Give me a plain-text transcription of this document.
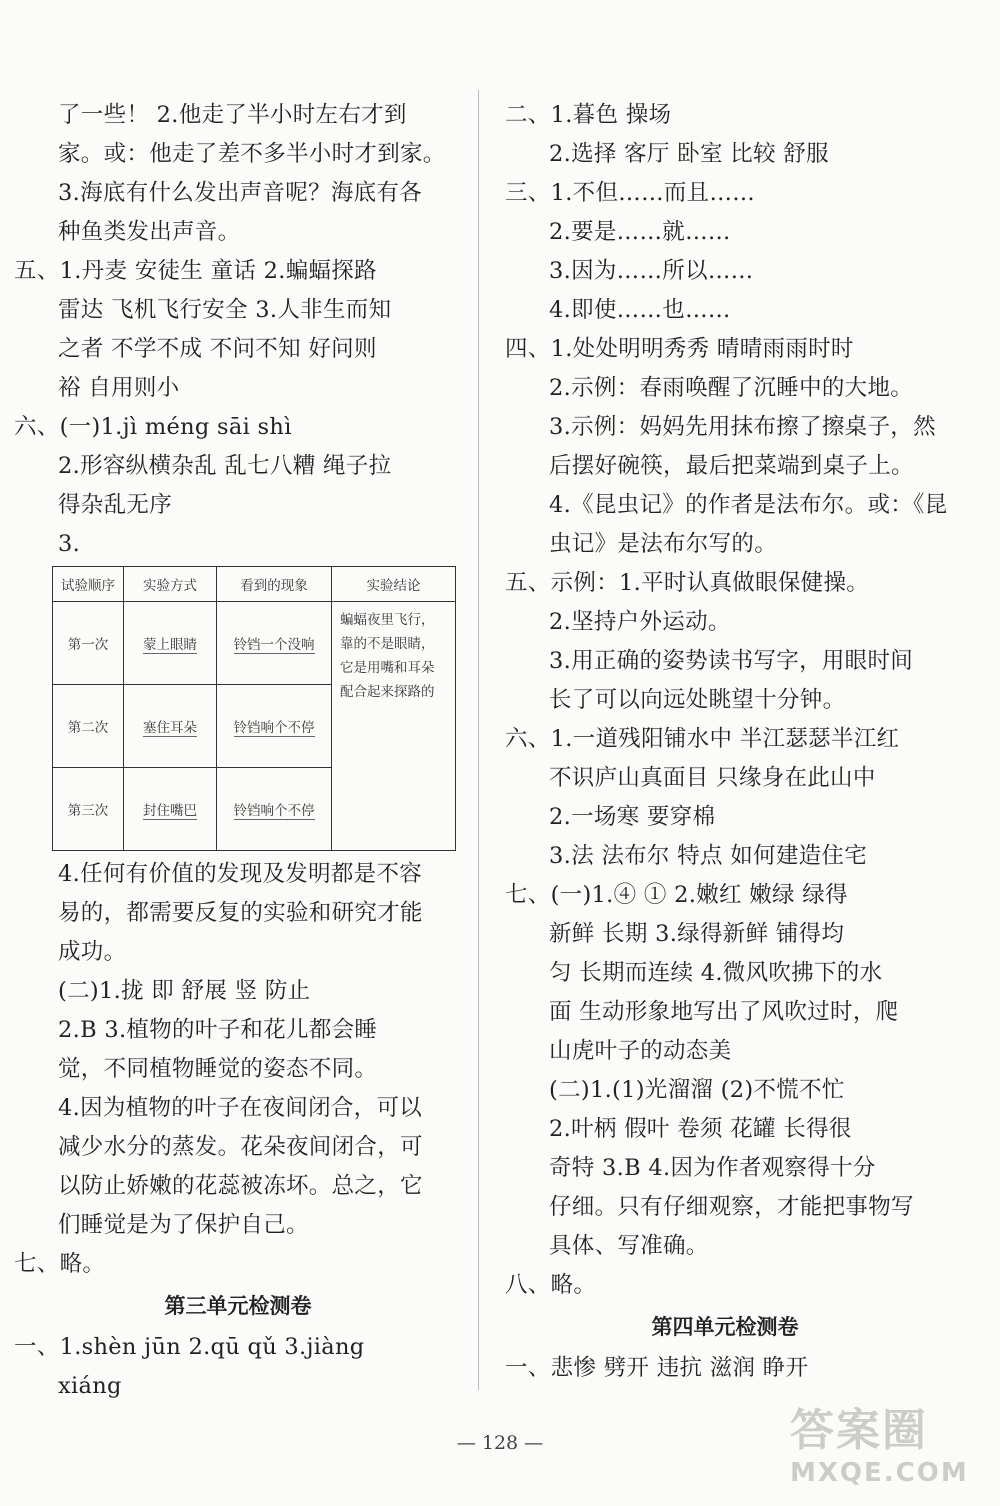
了一些！ 2.他走了半小时左右才到
家。或：他走了差不多半小时才到家。
3.海底有什么发出声音呢？海底有各
种鱼类发出声音。
五、1.丹麦 安徒生 童话 2.蝙蝠探路
雷达 飞机飞行安全 3.人非生而知
之者 不学不成 不问不知 好问则
裕 自用则小
六、(一)1.jì méng sāi shì
2.形容纵横杂乱 乱七八糟 绳子拉
得杂乱无序
3.
试验顺序	实验方式	看到的现象	实验结论
第一次	蒙上眼睛	铃铛一个没响	蝙蝠夜里飞行，靠的不是眼睛，它是用嘴和耳朵配合起来探路的
第二次	塞住耳朵	铃铛响个不停	
第三次	封住嘴巴	铃铛响个不停	
4.任何有价值的发现及发明都是不容
易的，都需要反复的实验和研究才能
成功。
(二)1.拢 即 舒展 竖 防止
2.B 3.植物的叶子和花儿都会睡
觉，不同植物睡觉的姿态不同。
4.因为植物的叶子在夜间闭合，可以
减少水分的蒸发。花朵夜间闭合，可
以防止娇嫩的花蕊被冻坏。总之，它
们睡觉是为了保护自己。
七、略。
第三单元检测卷
一、1.shèn jūn 2.qū qǔ 3.jiàng
xiáng
二、1.暮色 操场
2.选择 客厅 卧室 比较 舒服
三、1.不但……而且……
2.要是……就……
3.因为……所以……
4.即使……也……
四、1.处处明明秀秀 晴晴雨雨时时
2.示例：春雨唤醒了沉睡中的大地。
3.示例：妈妈先用抹布擦了擦桌子，然
后摆好碗筷，最后把菜端到桌子上。
4.《昆虫记》的作者是法布尔。或：《昆
虫记》是法布尔写的。
五、示例：1.平时认真做眼保健操。
2.坚持户外运动。
3.用正确的姿势读书写字，用眼时间
长了可以向远处眺望十分钟。
六、1.一道残阳铺水中 半江瑟瑟半江红
不识庐山真面目 只缘身在此山中
2.一场寒 要穿棉
3.法 法布尔 特点 如何建造住宅
七、(一)1.④ ① 2.嫩红 嫩绿 绿得
新鲜 长期 3.绿得新鲜 铺得均
匀 长期而连续 4.微风吹拂下的水
面 生动形象地写出了风吹过时，爬
山虎叶子的动态美
(二)1.(1)光溜溜 (2)不慌不忙
2.叶柄 假叶 卷须 花罐 长得很
奇特 3.B 4.因为作者观察得十分
仔细。只有仔细观察，才能把事物写
具体、写准确。
八、略。
第四单元检测卷
一、悲惨 劈开 违抗 滋润 睁开
— 128 —	答案圈
MXQE.COM
